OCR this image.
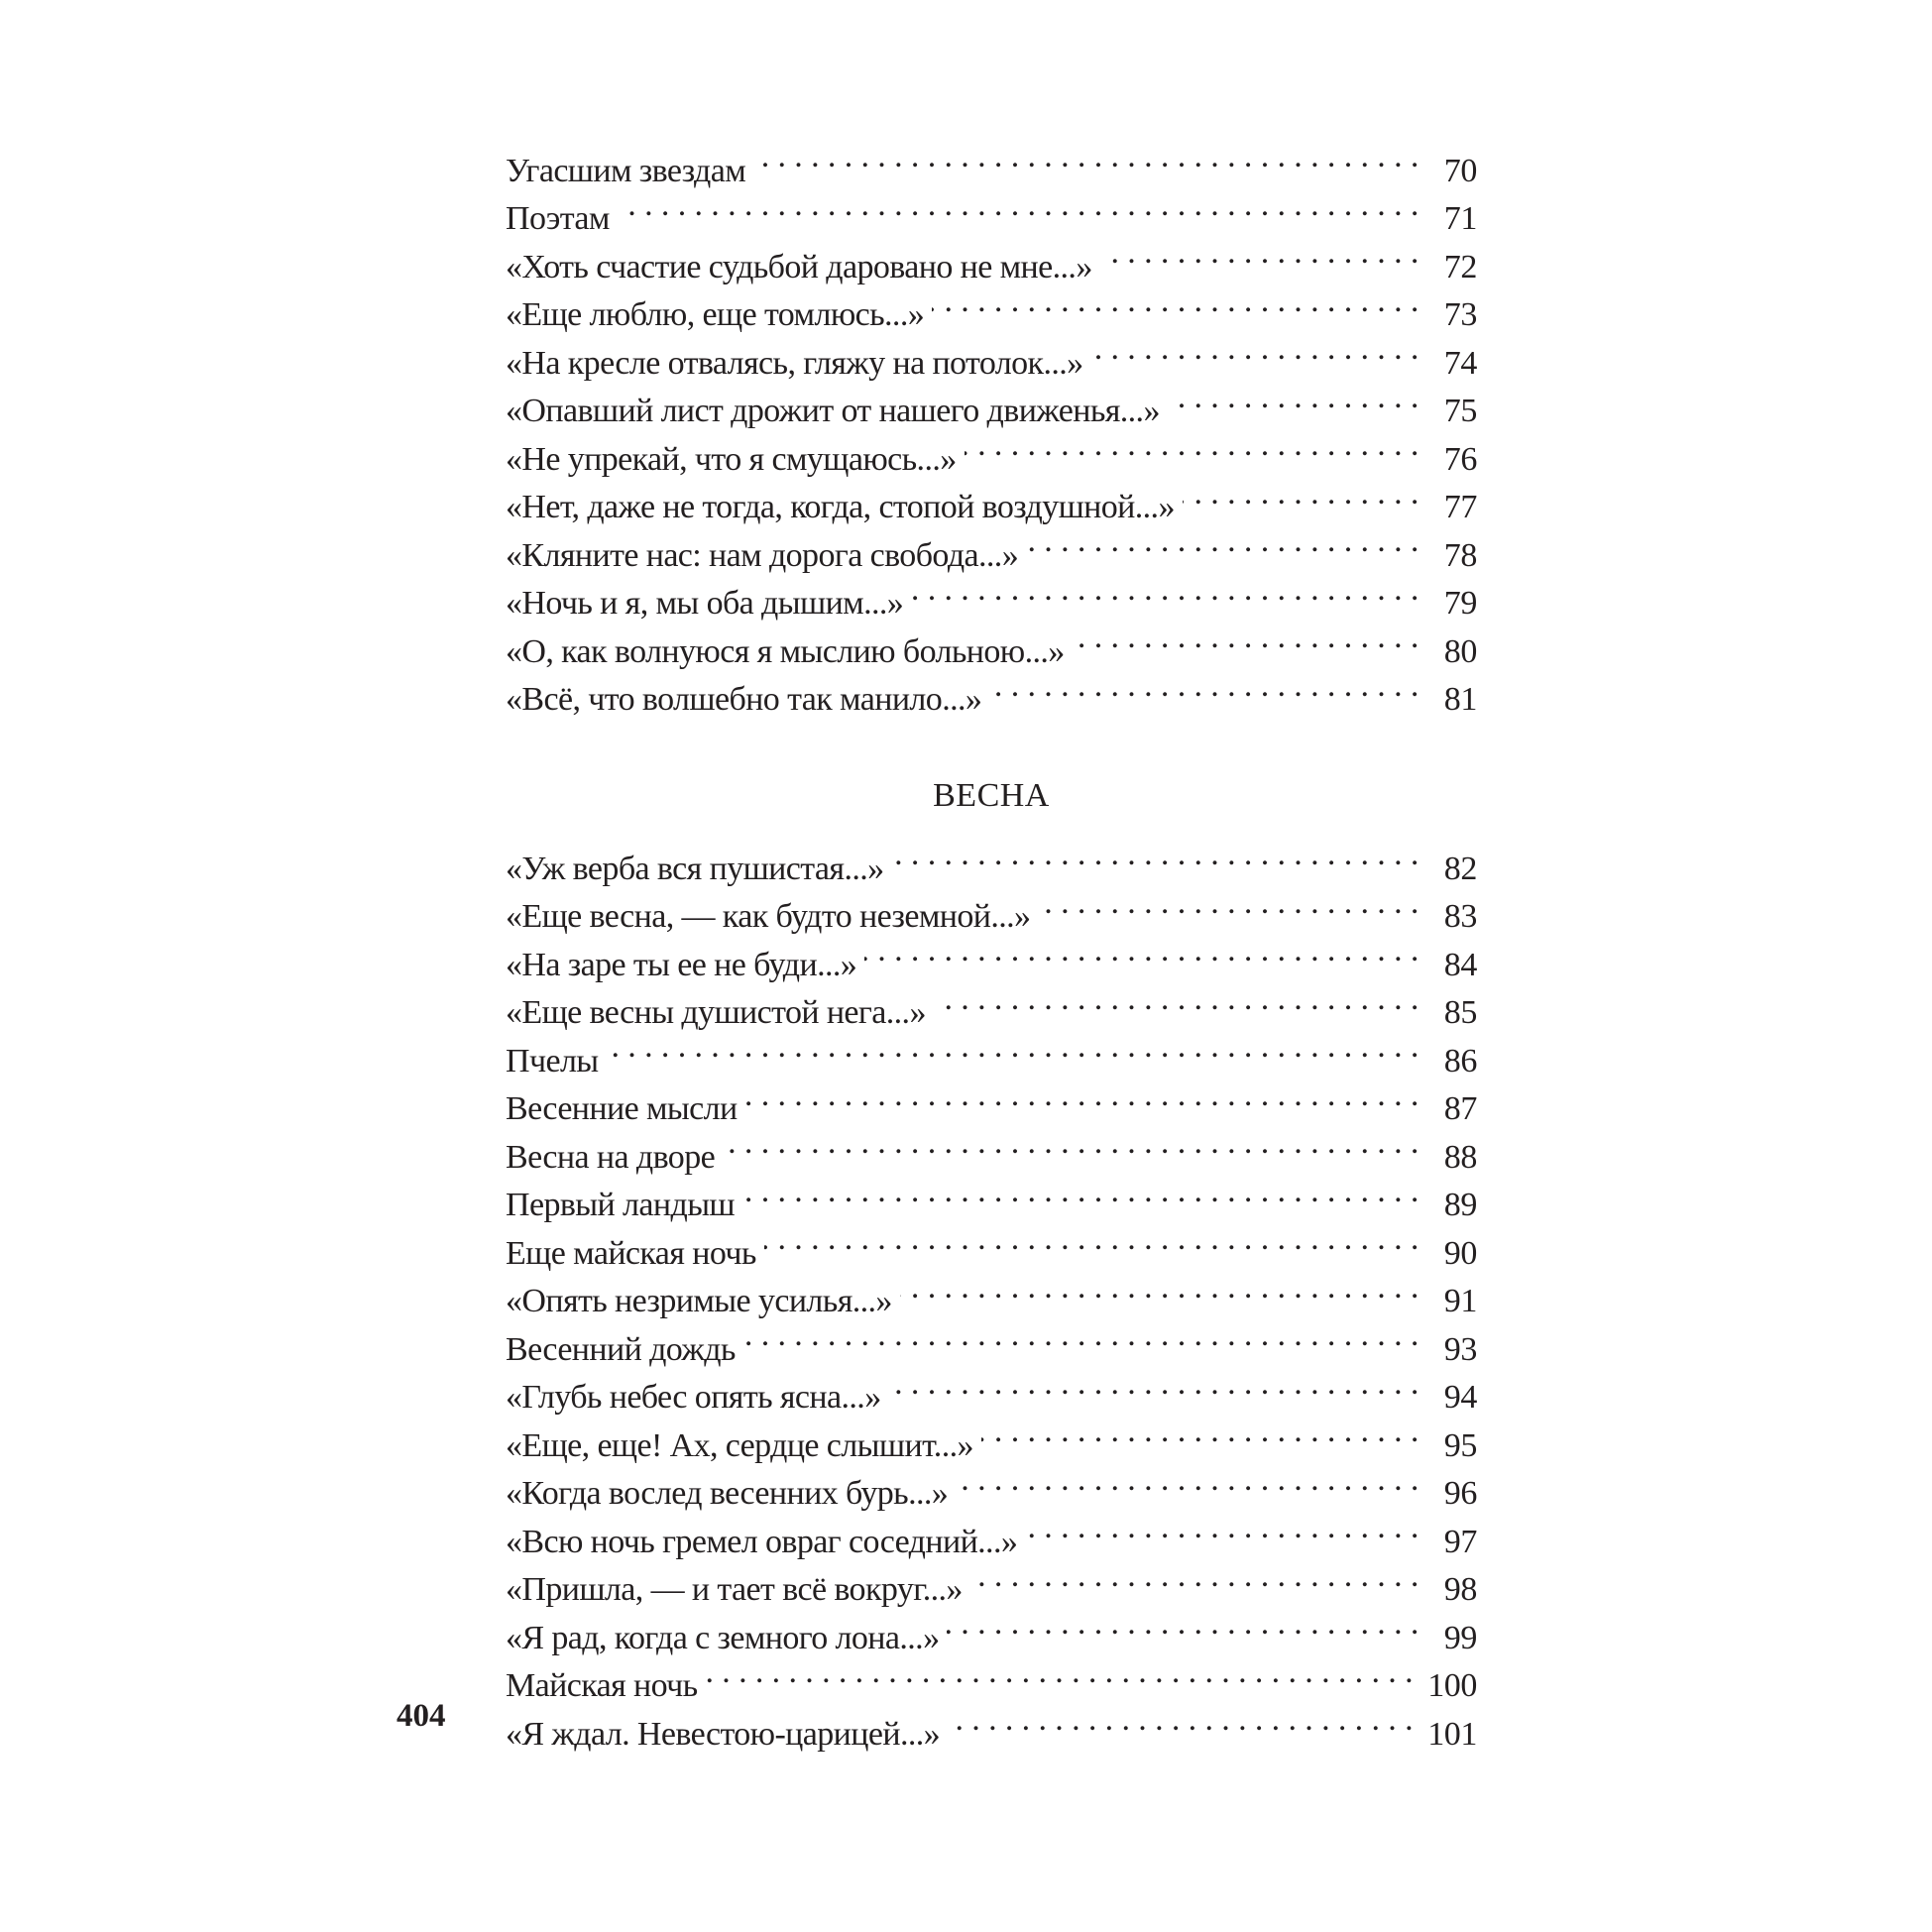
Угасшим звездам . . .	70
Поэтам . . .	71
«Хоть счастие судьбой даровано не мне...» . . .	72
«Еще люблю, еще томлюсь...» . . .	73
«На кресле отвалясь, гляжу на потолок...» . . .	74
«Опавший лист дрожит от нашего движенья...» . . .	75
«Не упрекай, что я смущаюсь...» . . .	76
«Нет, даже не тогда, когда, стопой воздушной...» . . .	77
«Кляните нас: нам дорога свобода...» . . .	78
«Ночь и я, мы оба дышим...» . . .	79
«О, как волнуюся я мыслию больною...» . . .	80
«Всё, что волшебно так манило...» . . .	81
ВЕСНА
«Уж верба вся пушистая...» . . .	82
«Еще весна, — как будто неземной...» . . .	83
«На заре ты ее не буди...» . . .	84
«Еще весны душистой нега...» . . .	85
Пчелы . . .	86
Весенние мысли . . .	87
Весна на дворе . . .	88
Первый ландыш . . .	89
Еще майская ночь . . .	90
«Опять незримые усилья...» . . .	91
Весенний дождь . . .	93
«Глубь небес опять ясна...» . . .	94
«Еще, еще! Ах, сердце слышит...» . . .	95
«Когда вослед весенних бурь...» . . .	96
«Всю ночь гремел овраг соседний...» . . .	97
«Пришла, — и тает всё вокруг...» . . .	98
«Я рад, когда с земного лона...» . . .	99
Майская ночь . . .	100
«Я ждал. Невестою-царицей...» . . .	101
404
